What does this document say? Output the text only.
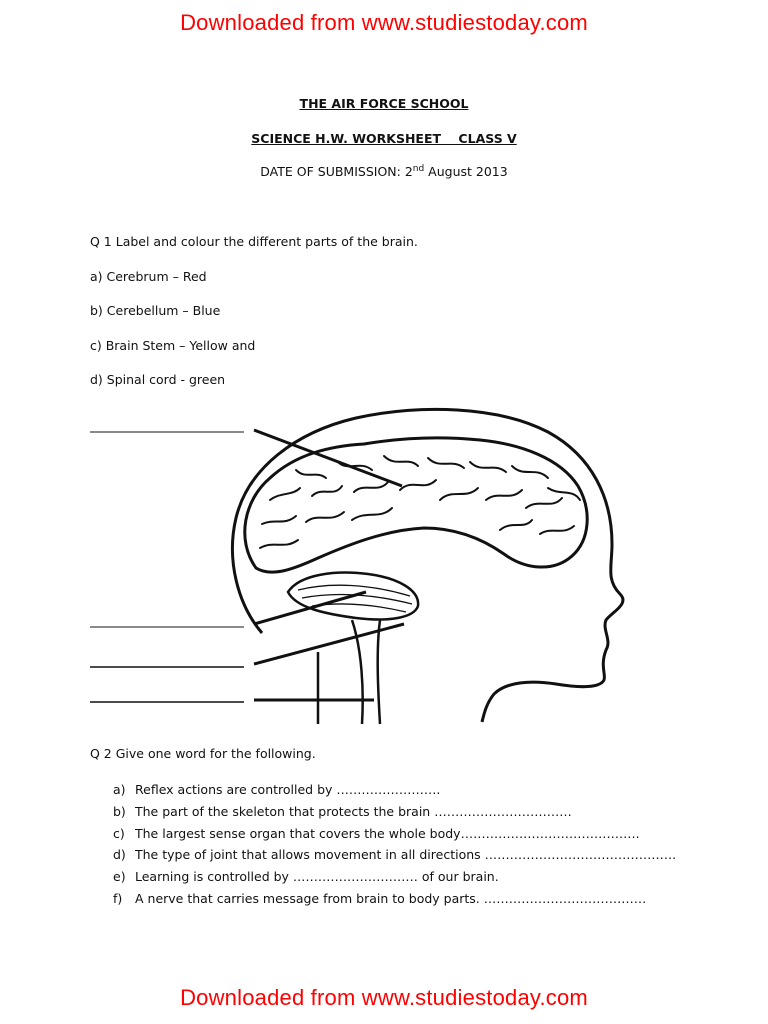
Downloaded from www.studiestoday.com
THE AIR FORCE SCHOOL
SCIENCE H.W. WORKSHEET    CLASS V
DATE OF SUBMISSION: 2nd August 2013
Q 1 Label and colour the different parts of the brain.
a) Cerebrum – Red
b) Cerebellum – Blue
c) Brain Stem – Yellow and
d) Spinal cord - green
Q 2 Give one word for the following.
a) Reflex actions are controlled by …………………….
b) The part of the skeleton that protects the brain ……………………………
c) The largest sense organ that covers the whole body…………………………………….
d) The type of joint that allows movement in all directions ……………………………………….
e) Learning is controlled by ………………………… of our brain.
f) A nerve that carries message from brain to body parts. …………………………………
Downloaded from www.studiestoday.com
